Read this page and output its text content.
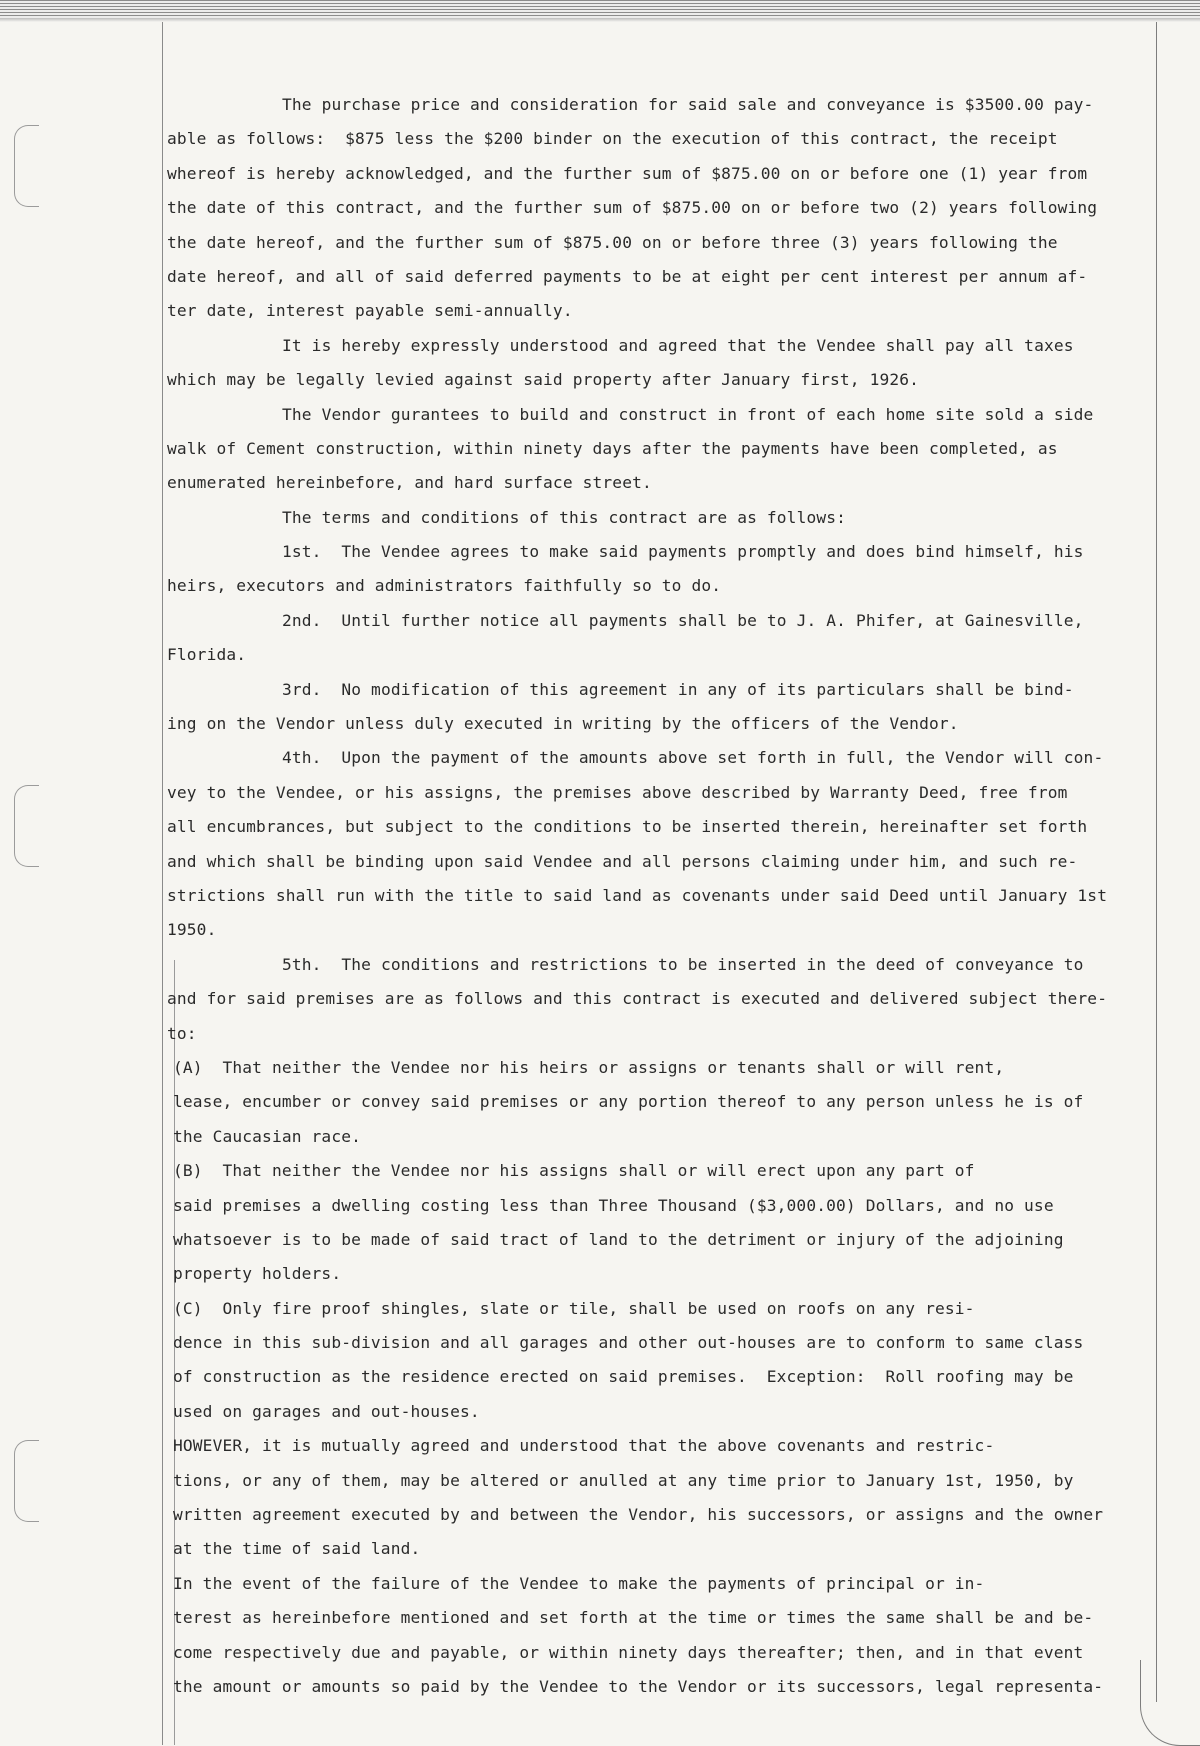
The purchase price and consideration for said sale and conveyance is $3500.00 pay-
able as follows:  $875 less the $200 binder on the execution of this contract, the receipt
whereof is hereby acknowledged, and the further sum of $875.00 on or before one (1) year from
the date of this contract, and the further sum of $875.00 on or before two (2) years following
the date hereof, and the further sum of $875.00 on or before three (3) years following the
date hereof, and all of said deferred payments to be at eight per cent interest per annum af-
ter date, interest payable semi-annually.
It is hereby expressly understood and agreed that the Vendee shall pay all taxes
which may be legally levied against said property after January first, 1926.
The Vendor gurantees to build and construct in front of each home site sold a side
walk of Cement construction, within ninety days after the payments have been completed, as
enumerated hereinbefore, and hard surface street.
The terms and conditions of this contract are as follows:
1st.  The Vendee agrees to make said payments promptly and does bind himself, his
heirs, executors and administrators faithfully so to do.
2nd.  Until further notice all payments shall be to J. A. Phifer, at Gainesville,
Florida.
3rd.  No modification of this agreement in any of its particulars shall be bind-
ing on the Vendor unless duly executed in writing by the officers of the Vendor.
4th.  Upon the payment of the amounts above set forth in full, the Vendor will con-
vey to the Vendee, or his assigns, the premises above described by Warranty Deed, free from
all encumbrances, but subject to the conditions to be inserted therein, hereinafter set forth
and which shall be binding upon said Vendee and all persons claiming under him, and such re-
strictions shall run with the title to said land as covenants under said Deed until January 1st
1950.
5th.  The conditions and restrictions to be inserted in the deed of conveyance to
and for said premises are as follows and this contract is executed and delivered subject there-
to:
(A)  That neither the Vendee nor his heirs or assigns or tenants shall or will rent,
lease, encumber or convey said premises or any portion thereof to any person unless he is of
the Caucasian race.
(B)  That neither the Vendee nor his assigns shall or will erect upon any part of
said premises a dwelling costing less than Three Thousand ($3,000.00) Dollars, and no use
whatsoever is to be made of said tract of land to the detriment or injury of the adjoining
property holders.
(C)  Only fire proof shingles, slate or tile, shall be used on roofs on any resi-
dence in this sub-division and all garages and other out-houses are to conform to same class
of construction as the residence erected on said premises.  Exception:  Roll roofing may be
used on garages and out-houses.
HOWEVER, it is mutually agreed and understood that the above covenants and restric-
tions, or any of them, may be altered or anulled at any time prior to January 1st, 1950, by
written agreement executed by and between the Vendor, his successors, or assigns and the owner
at the time of said land.
In the event of the failure of the Vendee to make the payments of principal or in-
terest as hereinbefore mentioned and set forth at the time or times the same shall be and be-
come respectively due and payable, or within ninety days thereafter; then, and in that event
the amount or amounts so paid by the Vendee to the Vendor or its successors, legal representa-
